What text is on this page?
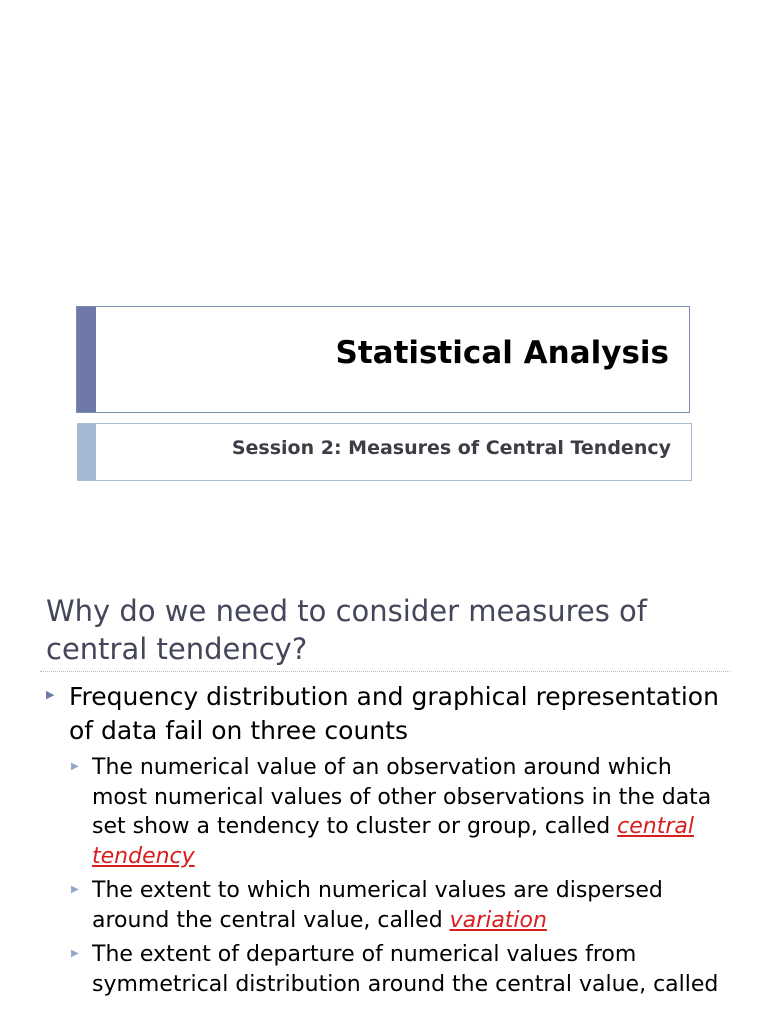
Statistical Analysis
Session 2: Measures of Central Tendency
Why do we need to consider measures of central tendency?
▶ Frequency distribution and graphical representation of data fail on three counts
▶ The numerical value of an observation around which most numerical values of other observations in the data set show a tendency to cluster or group, called central tendency
▶ The extent to which numerical values are dispersed around the central value, called variation
▶ The extent of departure of numerical values from symmetrical distribution around the central value, called
